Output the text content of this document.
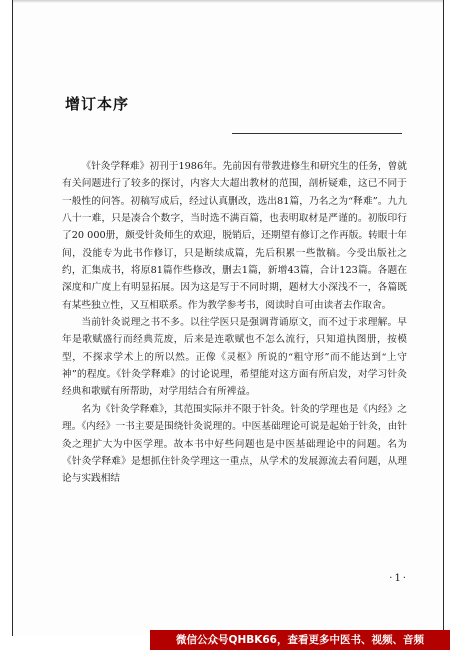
增订本序

《针灸学释难》初刊于1986年。先前因有带教进修生和研究生的任务，曾就有关问题进行了较多的探讨，内容大大超出教材的范围，剖析疑难，这已不同于一般性的问答。初稿写成后，经过认真删改，选出81篇，乃名之为“释难”。九九八十一难，只是凑合个数字，当时选不满百篇，也表明取材是严谨的。初版印行了20 000册，颇受针灸师生的欢迎，脱销后，还期望有修订之作再版。转眼十年间，没能专为此书作修订，只是断续成篇，先后积累一些散稿。今受出版社之约，汇集成书，将原81篇作些修改，删去1篇，新增43篇，合计123篇。各题在深度和广度上有明显拓展。因为这是写于不同时期，题材大小深浅不一，各篇既有某些独立性，又互相联系。作为教学参考书，阅读时自可由读者去作取舍。

当前针灸说理之书不多。以往学医只是强调背诵原文，而不过于求理解。早年是歌赋盛行而经典荒废，后来是连歌赋也不怎么流行，只知道执图册，按模型，不探求学术上的所以然。正像《灵枢》所说的“粗守形”而不能达到“上守神”的程度。《针灸学释难》的讨论说理，希望能对这方面有所启发，对学习针灸经典和歌赋有所帮助，对学用结合有所裨益。

名为《针灸学释难》，其范围实际并不限于针灸。针灸的学理也是《内经》之理。《内经》一书主要是围绕针灸说理的。中医基础理论可说是起始于针灸，由针灸之理扩大为中医学理。故本书中好些问题也是中医基础理论中的问题。名为《针灸学释难》是想抓住针灸学理这一重点，从学术的发展源流去看问题，从理论与实践相结

·1·
微信公众号QHBK66，查看更多中医书、视频、音频
